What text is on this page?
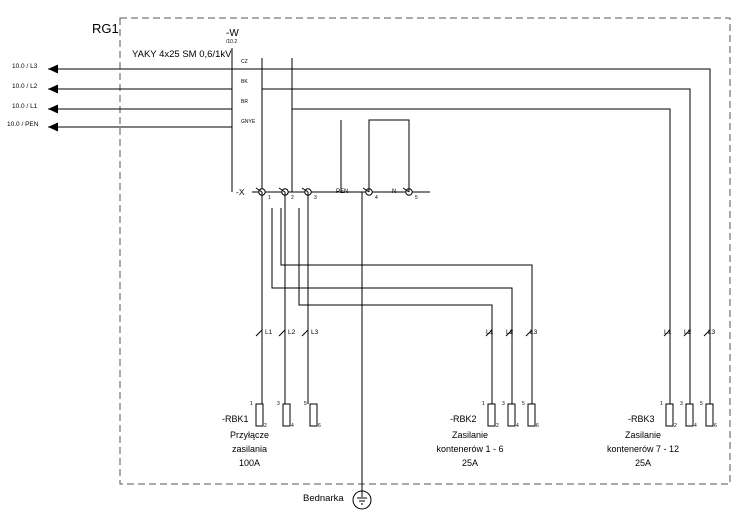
RG1	-W
/10.2
YAKY 4x25 SM 0,6/1kV
CZ
BK
BR
GNYE
10.0 / L3
10.0 / L2
10.0 / L1
10.0 / PEN
-X
1	2	3	4	5
PEN	N
L1 L2 L3
1	3	5
2	4	6
-RBK1
Przyłącze
zasilania
100A
L1 L2	L3
1	3	5
2	4	6
-RBK2
Zasilanie
kontenerów 1 - 6
25A
L1 L2	L3
1	3	5
2	4	6
-RBK3
Zasilanie
kontenerów 7 - 12
25A
Bednarka
